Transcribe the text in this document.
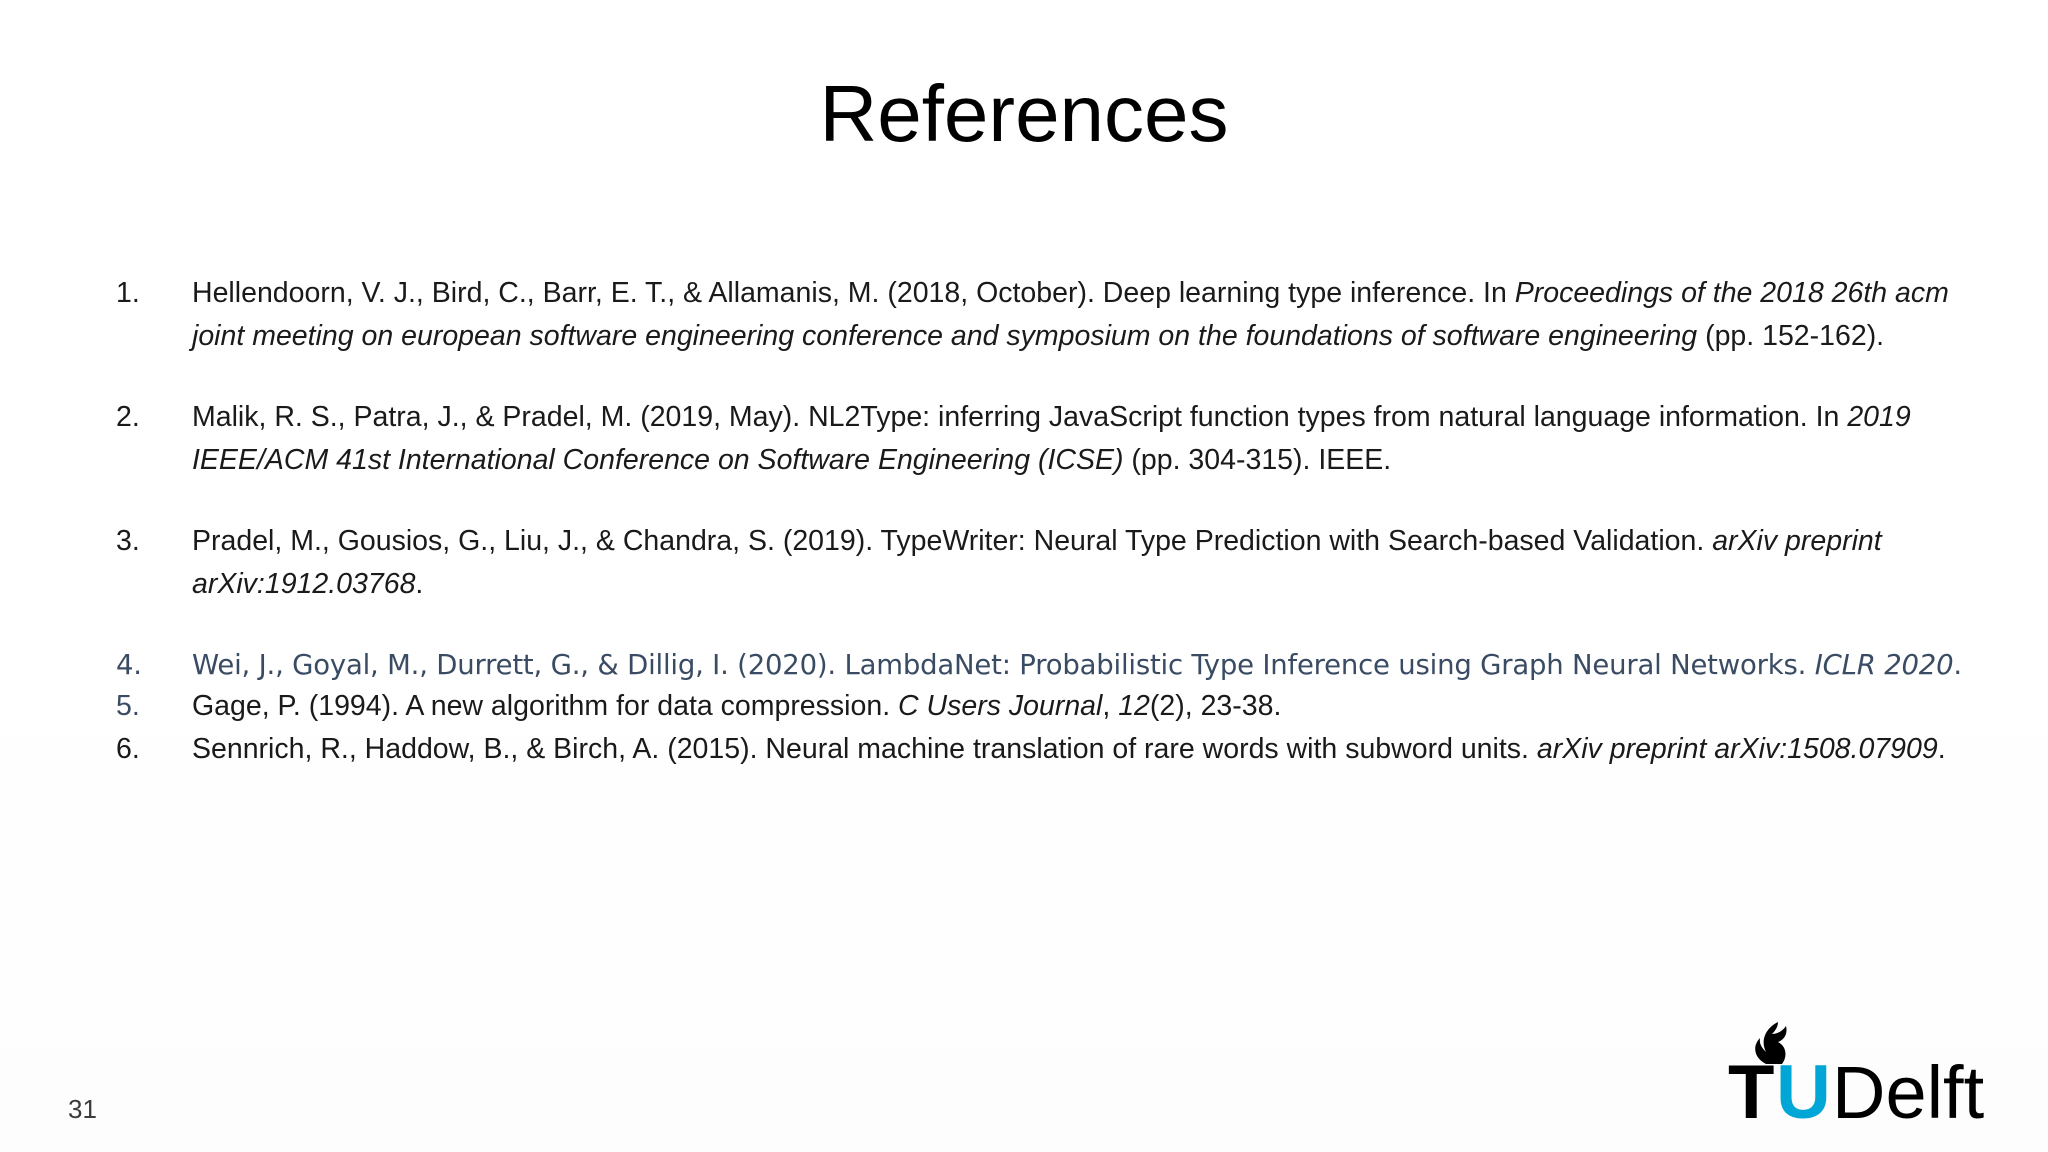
References
1. Hellendoorn, V. J., Bird, C., Barr, E. T., & Allamanis, M. (2018, October). Deep learning type inference. In Proceedings of the 2018 26th acm joint meeting on european software engineering conference and symposium on the foundations of software engineering (pp. 152-162).
2. Malik, R. S., Patra, J., & Pradel, M. (2019, May). NL2Type: inferring JavaScript function types from natural language information. In 2019 IEEE/ACM 41st International Conference on Software Engineering (ICSE) (pp. 304-315). IEEE.
3. Pradel, M., Gousios, G., Liu, J., & Chandra, S. (2019). TypeWriter: Neural Type Prediction with Search-based Validation. arXiv preprint arXiv:1912.03768.
4. Wei, J., Goyal, M., Durrett, G., & Dillig, I. (2020). LambdaNet: Probabilistic Type Inference using Graph Neural Networks. ICLR 2020.
5. Gage, P. (1994). A new algorithm for data compression. C Users Journal, 12(2), 23-38.
6. Sennrich, R., Haddow, B., & Birch, A. (2015). Neural machine translation of rare words with subword units. arXiv preprint arXiv:1508.07909.
31	T U Delft
